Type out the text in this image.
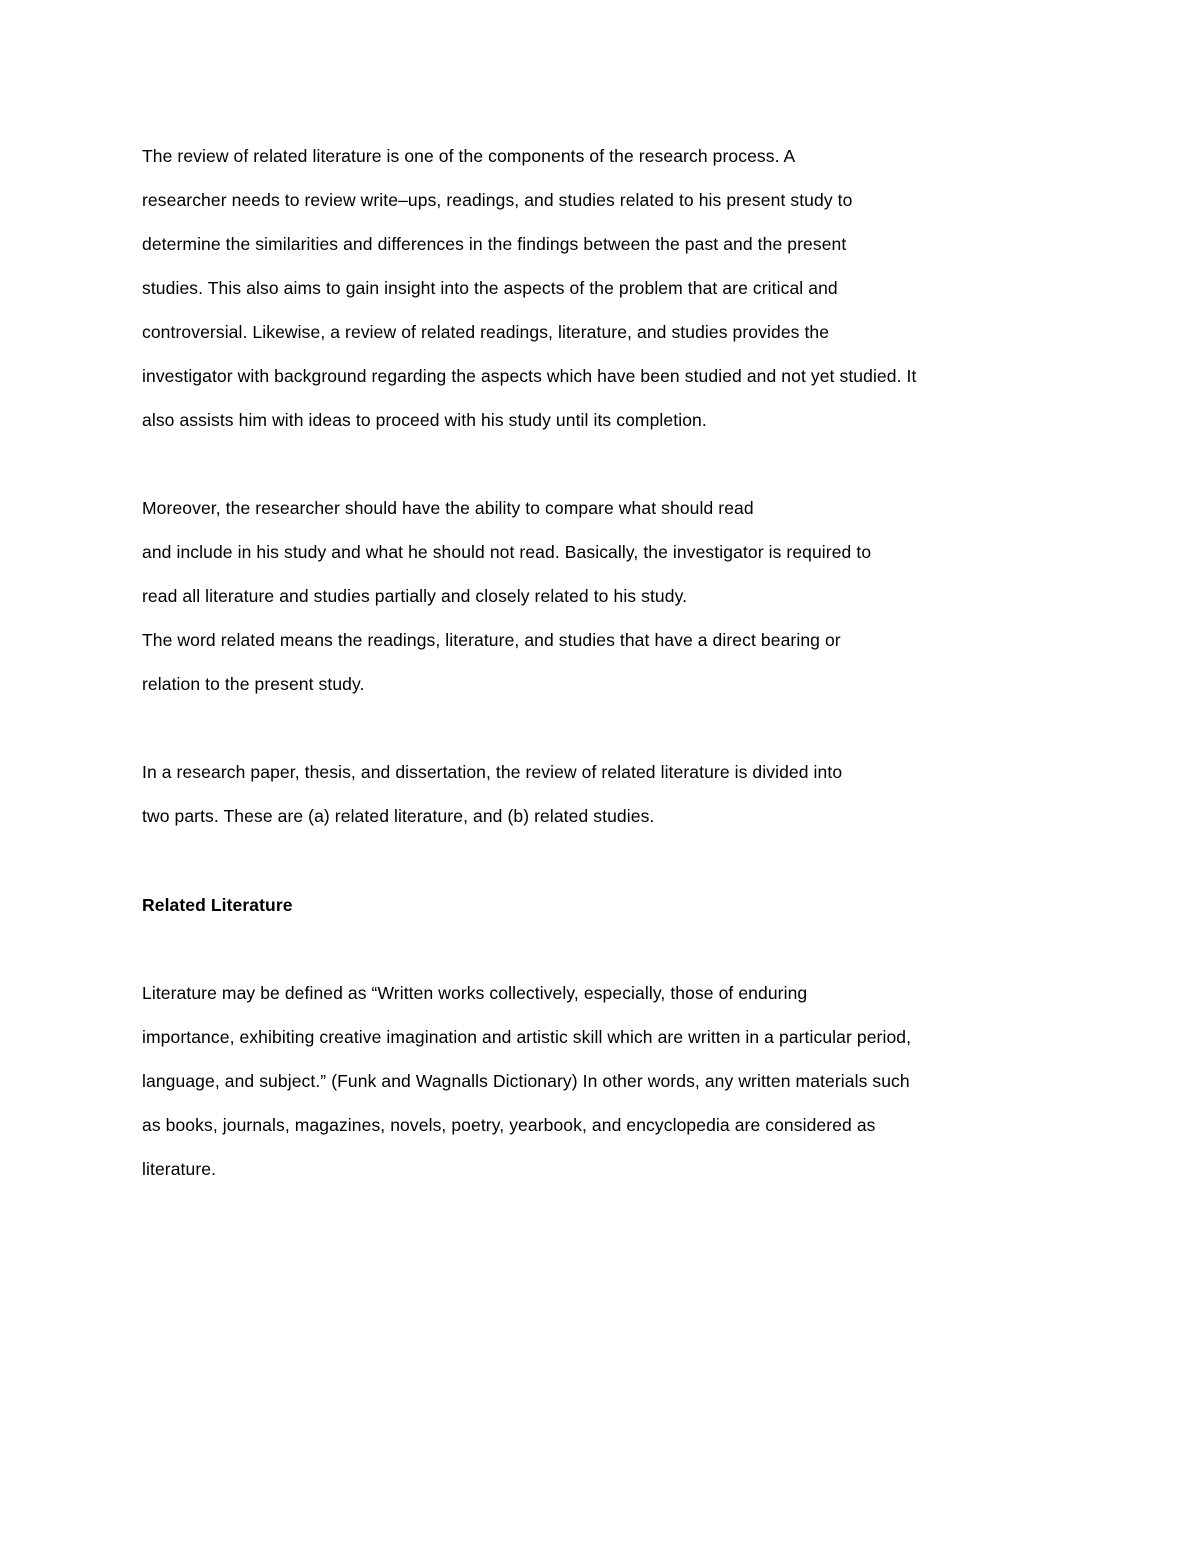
The review of related literature is one of the components of the research process. A
researcher needs to review write–ups, readings, and studies related to his present study to
determine the similarities and differences in the findings between the past and the present
studies. This also aims to gain insight into the aspects of the problem that are critical and
controversial. Likewise, a review of related readings, literature, and studies provides the
investigator with background regarding the aspects which have been studied and not yet studied. It
also assists him with ideas to proceed with his study until its completion.
Moreover, the researcher should have the ability to compare what should read
and include in his study and what he should not read. Basically, the investigator is required to
read all literature and studies partially and closely related to his study.
The word related means the readings, literature, and studies that have a direct bearing or
relation to the present study.
In a research paper, thesis, and dissertation, the review of related literature is divided into
two parts. These are (a) related literature, and (b) related studies.
Related Literature
Literature may be defined as “Written works collectively, especially, those of enduring
importance, exhibiting creative imagination and artistic skill which are written in a particular period,
language, and subject.” (Funk and Wagnalls Dictionary) In other words, any written materials such
as books, journals, magazines, novels, poetry, yearbook, and encyclopedia are considered as
literature.
